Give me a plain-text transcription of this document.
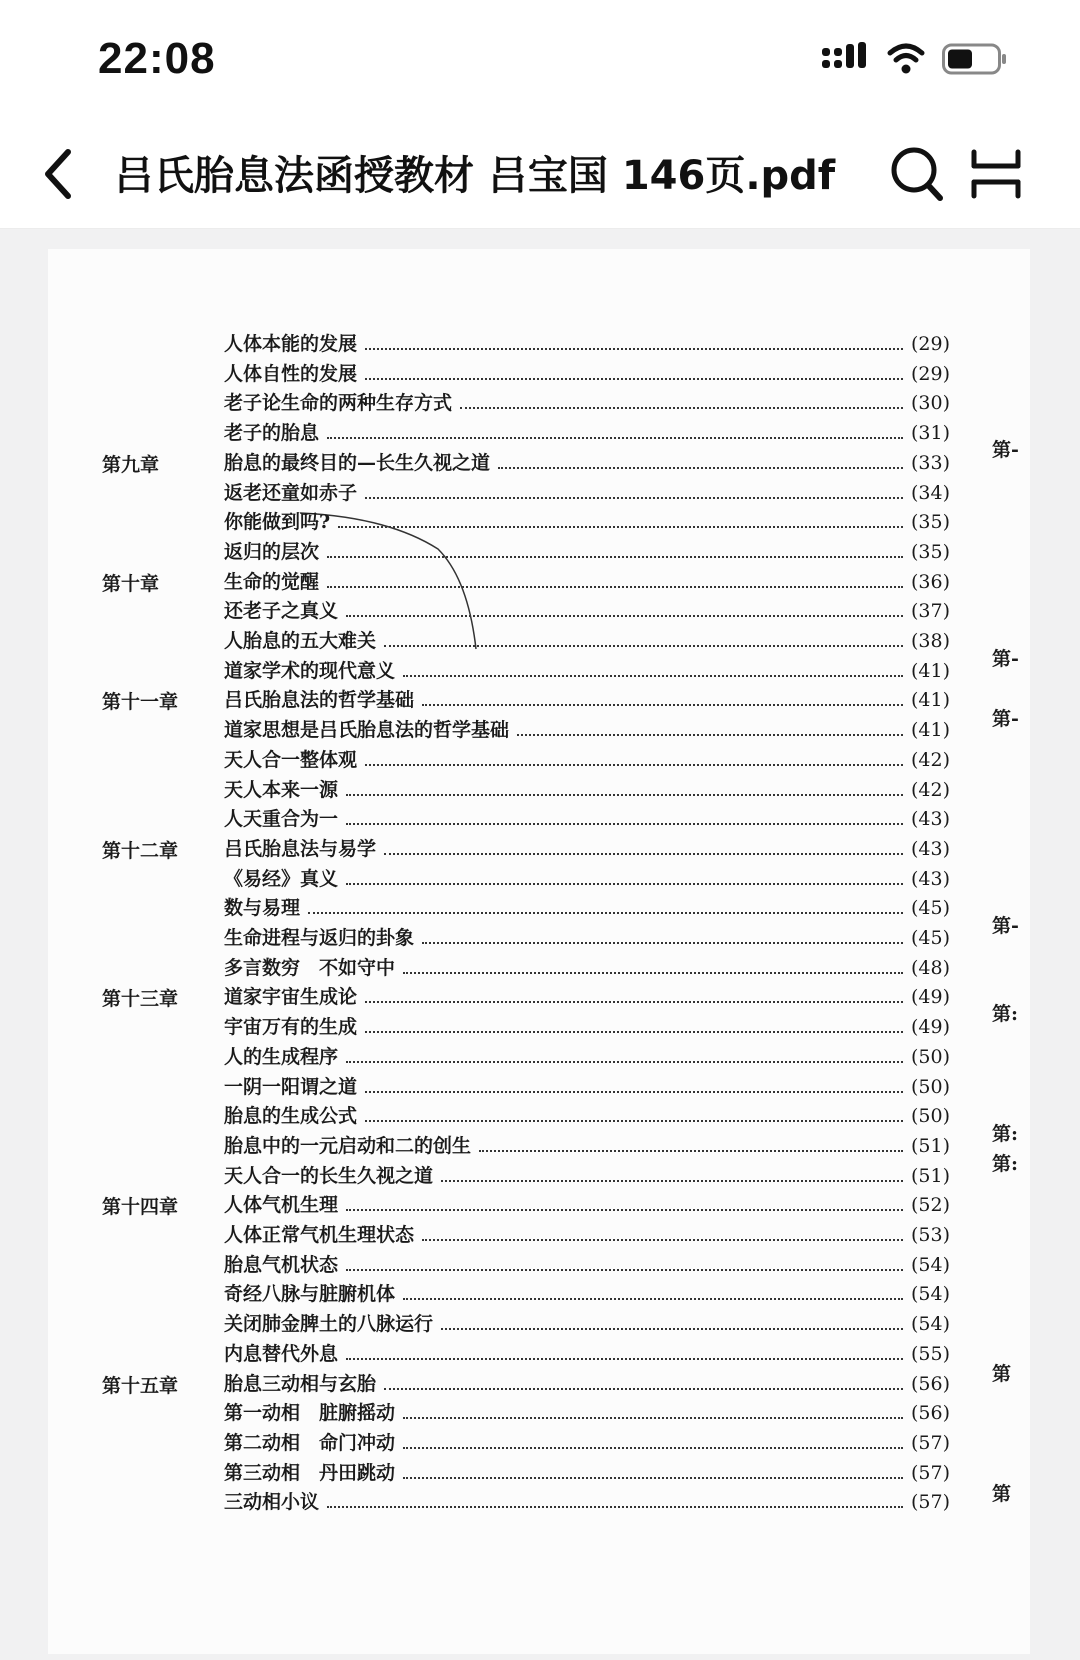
22:08
吕氏胎息法函授教材 吕宝国 146页.pdf
人体本能的发展	(29)
人体自性的发展	(29)
老子论生命的两种生存方式	(30)
老子的胎息	(31)
第九章	胎息的最终目的—长生久视之道	(33)
返老还童如赤子	(34)
你能做到吗?	(35)
返归的层次	(35)
第十章	生命的觉醒	(36)
还老子之真义	(37)
人胎息的五大难关	(38)
道家学术的现代意义	(41)
第十一章 吕氏胎息法的哲学基础	(41)
道家思想是吕氏胎息法的哲学基础	(41)
天人合一整体观	(42)
天人本来一源	(42)
人天重合为一	(43)
第十二章 吕氏胎息法与易学	(43)
《易经》真义	(43)
数与易理	(45)
生命进程与返归的卦象	(45)
多言数穷　不如守中	(48)
第十三章 道家宇宙生成论	(49)
宇宙万有的生成	(49)
人的生成程序	(50)
一阴一阳谓之道	(50)
胎息的生成公式	(50)
胎息中的一元启动和二的创生	(51)
天人合一的长生久视之道	(51)
第十四章 人体气机生理	(52)
人体正常气机生理状态	(53)
胎息气机状态	(54)
奇经八脉与脏腑机体	(54)
关闭肺金脾土的八脉运行	(54)
内息替代外息	(55)
第十五章 胎息三动相与玄胎	(56)
第一动相　脏腑摇动	(56)
第二动相　命门冲动	(57)
第三动相　丹田跳动	(57)
三动相小议	(57)
第-
第-
第-
第-
第:
第:
第:
第
第
